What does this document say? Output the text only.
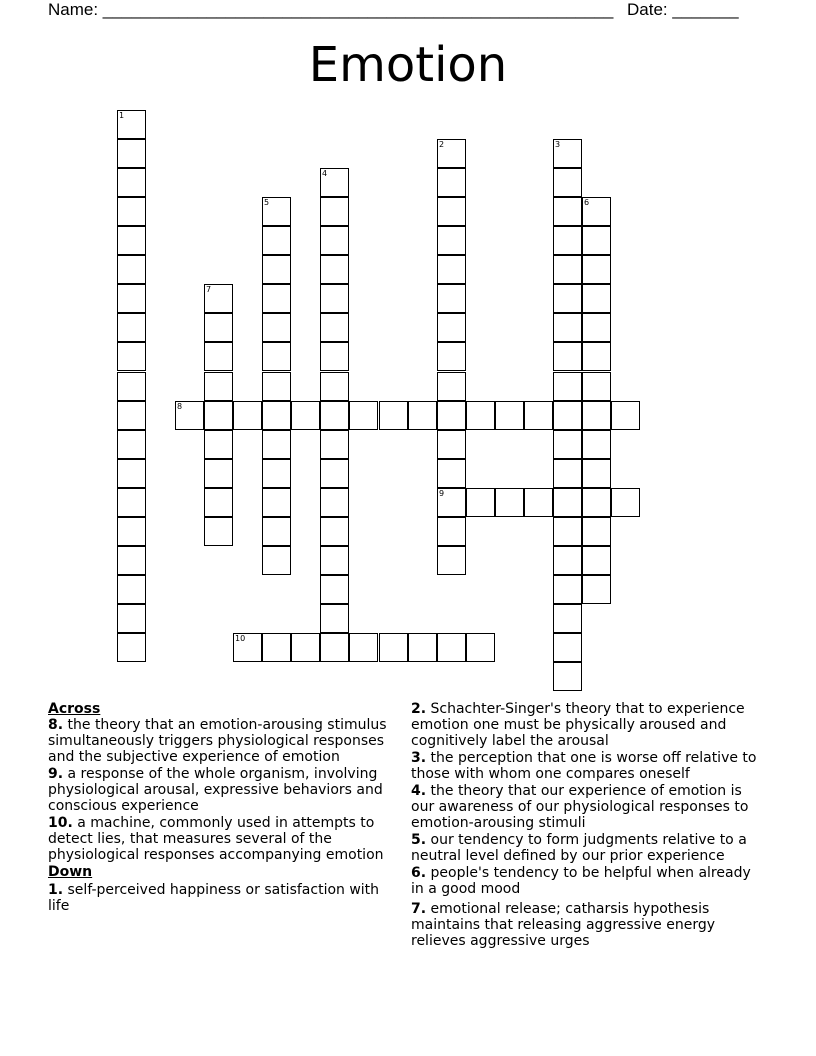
Name: ______________________________________________________ Date: _______
Emotion
1
2
9
3
4
5	6
7
8
10
Across
8. the theory that an emotion-arousing stimulus simultaneously triggers physiological responses and the subjective experience of emotion
9. a response of the whole organism, involving physiological arousal, expressive behaviors and conscious experience
10. a machine, commonly used in attempts to detect lies, that measures several of the physiological responses accompanying emotion
Down
1. self-perceived happiness or satisfaction with life
2. Schachter-Singer's theory that to experience emotion one must be physically aroused and cognitively label the arousal
3. the perception that one is worse off relative to those with whom one compares oneself
4. the theory that our experience of emotion is our awareness of our physiological responses to emotion-arousing stimuli
5. our tendency to form judgments relative to a neutral level defined by our prior experience
6. people's tendency to be helpful when already in a good mood
7. emotional release; catharsis hypothesis maintains that releasing aggressive energy relieves aggressive urges
